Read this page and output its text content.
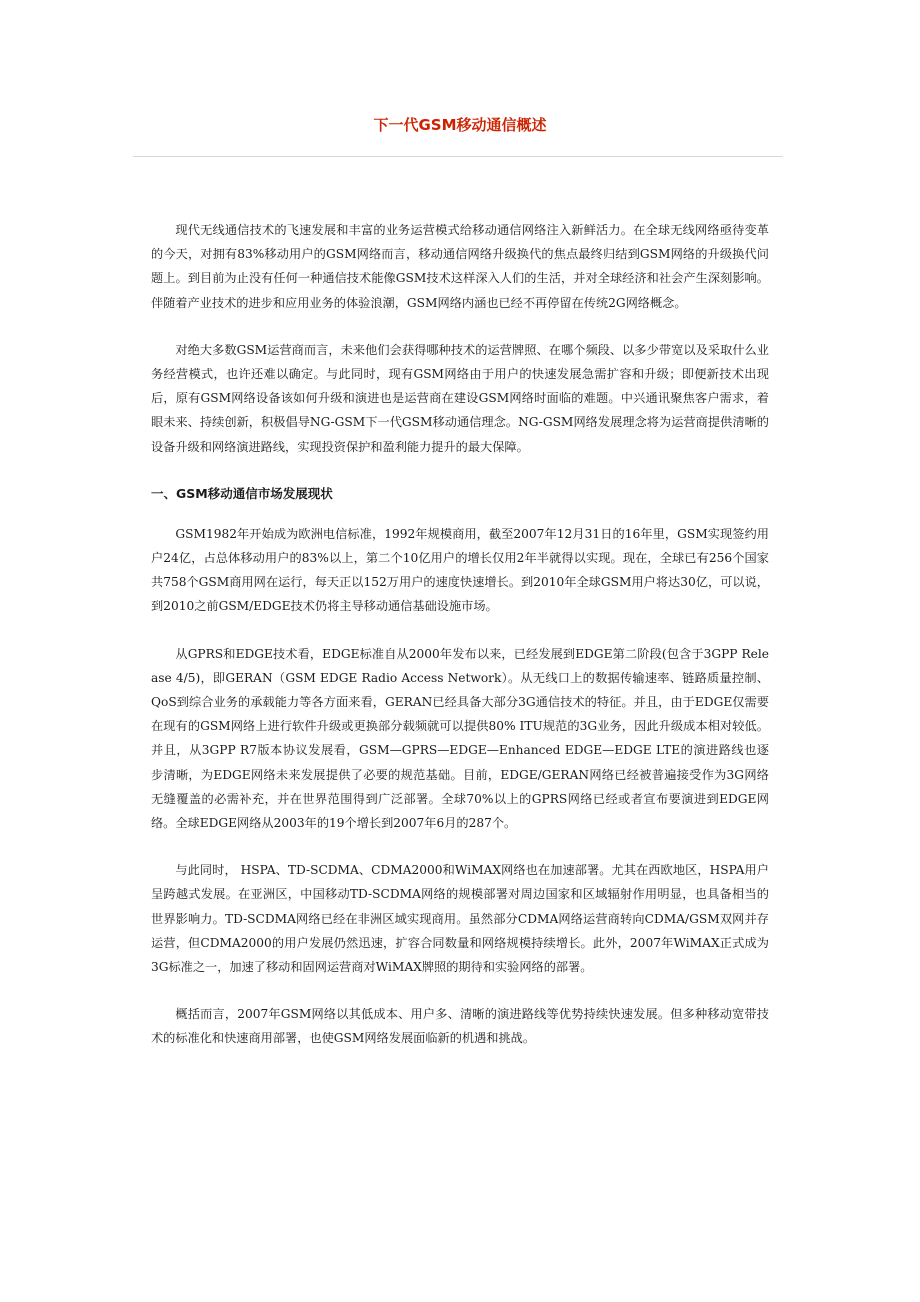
下一代GSM移动通信概述

现代无线通信技术的飞速发展和丰富的业务运营模式给移动通信网络注入新鲜活力。在全球无线网络亟待变革的今天，对拥有83%移动用户的GSM网络而言，移动通信网络升级换代的焦点最终归结到GSM网络的升级换代问题上。到目前为止没有任何一种通信技术能像GSM技术这样深入人们的生活，并对全球经济和社会产生深刻影响。伴随着产业技术的进步和应用业务的体验浪潮，GSM网络内涵也已经不再停留在传统2G网络概念。

对绝大多数GSM运营商而言，未来他们会获得哪种技术的运营牌照、在哪个频段、以多少带宽以及采取什么业务经营模式，也许还难以确定。与此同时，现有GSM网络由于用户的快速发展急需扩容和升级；即便新技术出现后，原有GSM网络设备该如何升级和演进也是运营商在建设GSM网络时面临的难题。中兴通讯聚焦客户需求，着眼未来、持续创新，积极倡导NG-GSM下一代GSM移动通信理念。NG-GSM网络发展理念将为运营商提供清晰的设备升级和网络演进路线，实现投资保护和盈利能力提升的最大保障。

一、GSM移动通信市场发展现状

GSM1982年开始成为欧洲电信标准，1992年规模商用，截至2007年12月31日的16年里，GSM实现签约用户24亿，占总体移动用户的83%以上，第二个10亿用户的增长仅用2年半就得以实现。现在，全球已有256个国家共758个GSM商用网在运行，每天正以152万用户的速度快速增长。到2010年全球GSM用户将达30亿，可以说，到2010之前GSM/EDGE技术仍将主导移动通信基础设施市场。

从GPRS和EDGE技术看，EDGE标准自从2000年发布以来，已经发展到EDGE第二阶段(包含于3GPP Release 4/5)，即GERAN（GSM EDGE Radio Access Network）。从无线口上的数据传输速率、链路质量控制、QoS到综合业务的承载能力等各方面来看，GERAN已经具备大部分3G通信技术的特征。并且，由于EDGE仅需要在现有的GSM网络上进行软件升级或更换部分载频就可以提供80% ITU规范的3G业务，因此升级成本相对较低。并且，从3GPP R7版本协议发展看，GSM—GPRS—EDGE—Enhanced EDGE—EDGE LTE的演进路线也逐步清晰，为EDGE网络未来发展提供了必要的规范基础。目前，EDGE/GERAN网络已经被普遍接受作为3G网络无缝覆盖的必需补充，并在世界范围得到广泛部署。全球70%以上的GPRS网络已经或者宣布要演进到EDGE网络。全球EDGE网络从2003年的19个增长到2007年6月的287个。

与此同时， HSPA、TD-SCDMA、CDMA2000和WiMAX网络也在加速部署。尤其在西欧地区，HSPA用户呈跨越式发展。在亚洲区，中国移动TD-SCDMA网络的规模部署对周边国家和区域辐射作用明显，也具备相当的世界影响力。TD-SCDMA网络已经在非洲区域实现商用。虽然部分CDMA网络运营商转向CDMA/GSM双网并存运营，但CDMA2000的用户发展仍然迅速，扩容合同数量和网络规模持续增长。此外，2007年WiMAX正式成为3G标准之一，加速了移动和固网运营商对WiMAX牌照的期待和实验网络的部署。

概括而言，2007年GSM网络以其低成本、用户多、清晰的演进路线等优势持续快速发展。但多种移动宽带技术的标准化和快速商用部署，也使GSM网络发展面临新的机遇和挑战。
